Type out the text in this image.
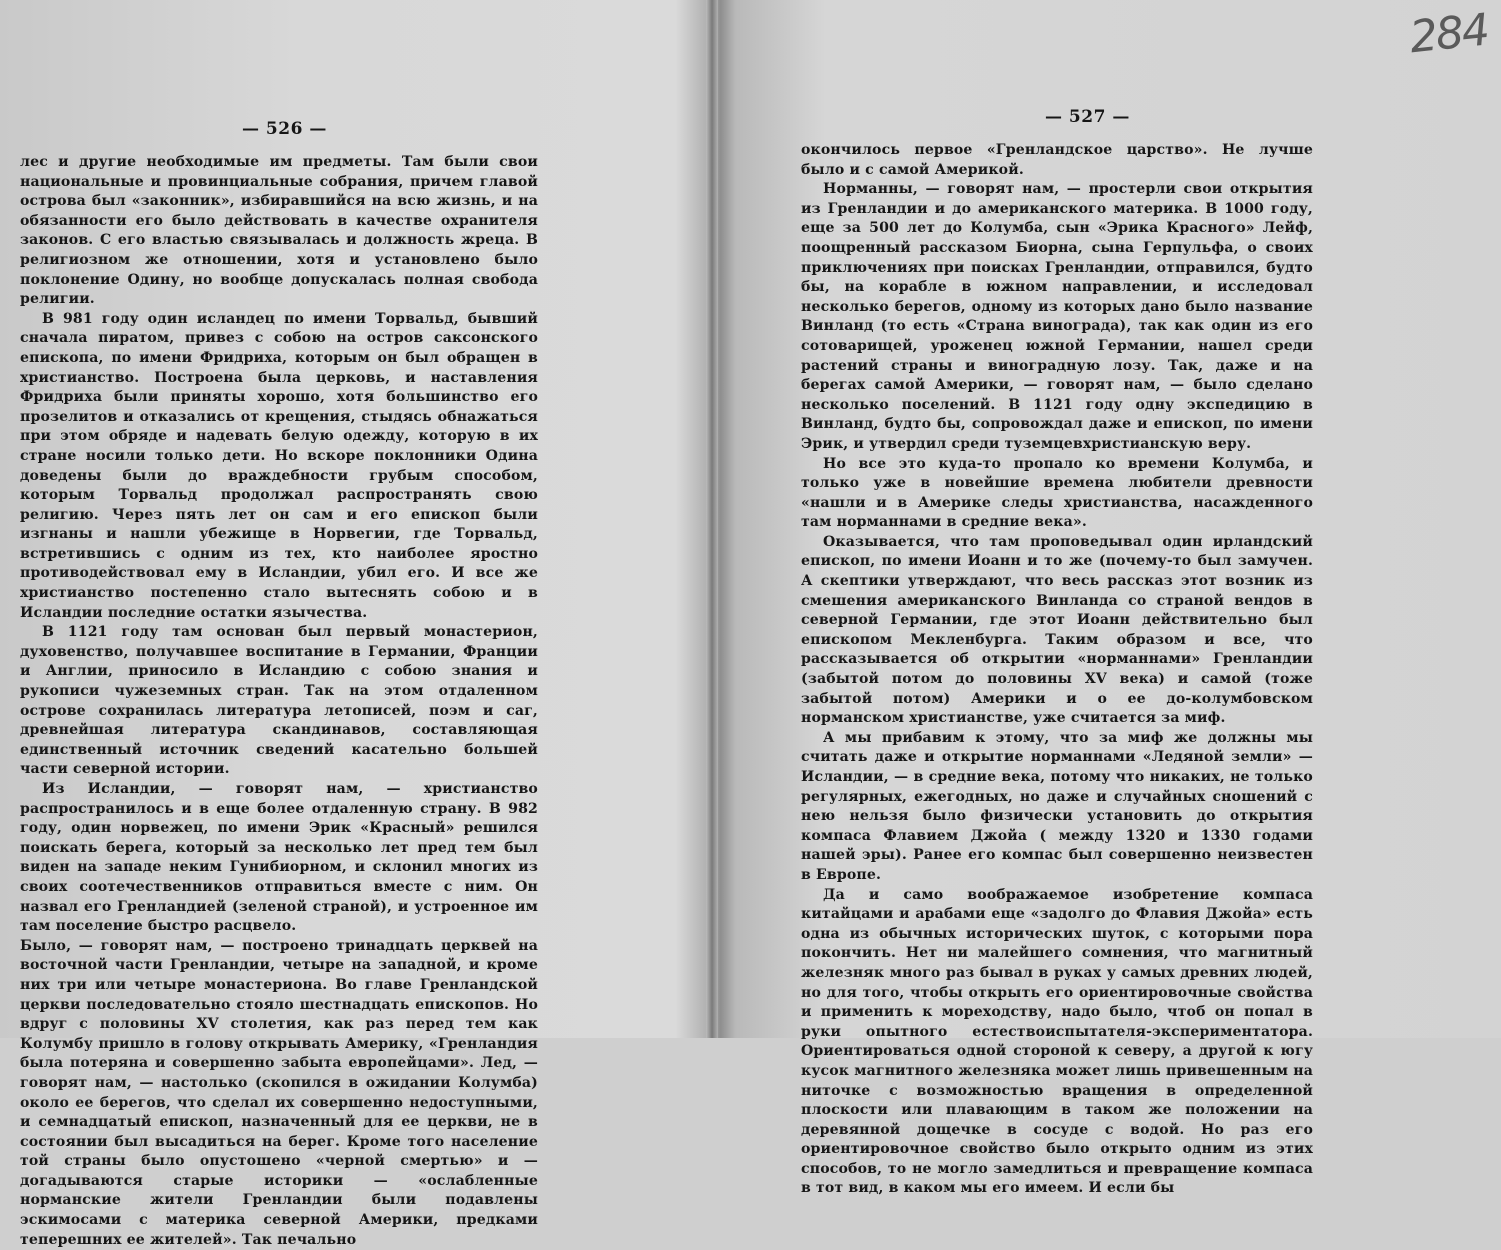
— 526 —

лес и другие необходимые им предметы. Там были свои национальные и провинциальные собрания, причем главой острова был «законник», избиравшийся на всю жизнь, и на обязанности его было действовать в качестве охранителя законов. С его властью связывалась и должность жреца. В религиозном же отношении, хотя и установлено было поклонение Одину, но вообще допускалась полная свобода религии.

В 981 году один исландец по имени Торвальд, бывший сначала пиратом, привез с собою на остров саксонского епископа, по имени Фридриха, которым он был обращен в христианство. Построена была церковь, и наставления Фридриха были приняты хорошо, хотя большинство его прозелитов и отказались от крещения, стыдясь обнажаться при этом обряде и надевать белую одежду, которую в их стране носили только дети. Но вскоре поклонники Одина доведены были до враждебности грубым способом, которым Торвальд продолжал распространять свою религию. Через пять лет он сам и его епископ были изгнаны и нашли убежище в Норвегии, где Торвальд, встретившись с одним из тех, кто наиболее яростно противодействовал ему в Исландии, убил его. И все же христианство постепенно стало вытеснять собою и в Исландии последние остатки язычества.

В 1121 году там основан был первый монастерион, духовенство, получавшее воспитание в Германии, Франции и Англии, приносило в Исландию с собою знания и рукописи чужеземных стран. Так на этом отдаленном острове сохранилась литература летописей, поэм и саг, древнейшая литература скандинавов, составляющая единственный источник сведений касательно большей части северной истории.

Из Исландии, — говорят нам, — христианство распространилось и в еще более отдаленную страну. В 982 году, один норвежец, по имени Эрик «Красный» решился поискать берега, который за несколько лет пред тем был виден на западе неким Гунибиорном, и склонил многих из своих соотечественников отправиться вместе с ним. Он назвал его Гренландией (зеленой страной), и устроенное им там поселение быстро расцвело.

Было, — говорят нам, — построено тринадцать церквей на восточной части Гренландии, четыре на западной, и кроме них три или четыре монастериона. Во главе Гренландской церкви последовательно стояло шестнадцать епископов. Но вдруг с половины XV столетия, как раз перед тем как Колумбу пришло в голову открывать Америку, «Гренландия была потеряна и совершенно забыта европейцами». Лед, — говорят нам, — настолько (скопился в ожидании Колумба) около ее берегов, что сделал их совершенно недоступными, и семнадцатый епископ, назначенный для ее церкви, не в состоянии был высадиться на берег. Кроме того население той страны было опустошено «черной смертью» и — догадываются старые историки — «ослабленные норманские жители Гренландии были подавлены эскимосами с материка северной Америки, предками теперешних ее жителей». Так печально

— 527 —

окончилось первое «Гренландское царство». Не лучше было и с самой Америкой.

Норманны, — говорят нам, — простерли свои открытия из Гренландии и до американского материка. В 1000 году, еще за 500 лет до Колумба, сын «Эрика Красного» Лейф, поощренный рассказом Биорна, сына Герпульфа, о своих приключениях при поисках Гренландии, отправился, будто бы, на корабле в южном направлении, и исследовал несколько берегов, одному из которых дано было название Винланд (то есть «Страна винограда), так как один из его сотоварищей, уроженец южной Германии, нашел среди растений страны и виноградную лозу. Так, даже и на берегах самой Америки, — говорят нам, — было сделано несколько поселений. В 1121 году одну экспедицию в Винланд, будто бы, сопровождал даже и епископ, по имени Эрик, и утвердил среди туземцевхристианскую веру.

Но все это куда-то пропало ко времени Колумба, и только уже в новейшие времена любители древности «нашли и в Америке следы христианства, насажденного там норманнами в средние века».

Оказывается, что там проповедывал один ирландский епископ, по имени Иоанн и то же (почему-то был замучен. А скептики утверждают, что весь рассказ этот возник из смешения американского Винланда со страной вендов в северной Германии, где этот Иоанн действительно был епископом Мекленбурга. Таким образом и все, что рассказывается об открытии «норманнами» Гренландии (забытой потом до половины XV века) и самой (тоже забытой потом) Америки и о ее до-колумбовском норманском христианстве, уже считается за миф.

А мы прибавим к этому, что за миф же должны мы считать даже и открытие норманнами «Ледяной земли» — Исландии, — в средние века, потому что никаких, не только регулярных, ежегодных, но даже и случайных сношений с нею нельзя было физически установить до открытия компаса Флавием Джойа ( между 1320 и 1330 годами нашей эры). Ранее его компас был совершенно неизвестен в Европе.

Да и само воображаемое изобретение компаса китайцами и арабами еще «задолго до Флавия Джойа» есть одна из обычных исторических шуток, с которыми пора покончить. Нет ни малейшего сомнения, что магнитный железняк много раз бывал в руках у самых древних людей, но для того, чтобы открыть его ориентировочные свойства и применить к мореходству, надо было, чтоб он попал в руки опытного естествоиспытателя-экспериментатора. Ориентироваться одной стороной к северу, а другой к югу кусок магнитного железняка может лишь привешенным на ниточке с возможностью вращения в определенной плоскости или плавающим в таком же положении на деревянной дощечке в сосуде с водой. Но раз его ориентировочное свойство было открыто одним из этих способов, то не могло замедлиться и превращение компаса в тот вид, в каком мы его имеем. И если бы

284
